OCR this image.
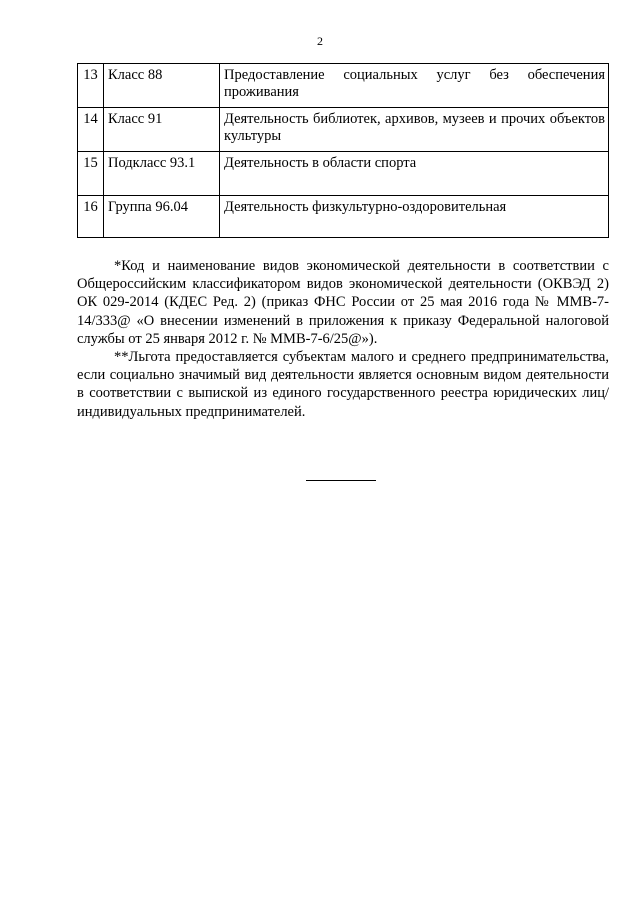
2
13	Класс 88	Предоставление социальных услуг без обеспечения проживания
14	Класс 91	Деятельность библиотек, архивов, музеев и прочих объектов культуры
15	Подкласс 93.1	Деятельность в области спорта
16	Группа 96.04	Деятельность физкультурно-оздоровительная

*Код и наименование видов экономической деятельности в соответствии с Общероссийским классификатором видов экономической деятельности (ОКВЭД 2) ОК 029-2014 (КДЕС Ред. 2) (приказ ФНС России от 25 мая 2016 года № ММВ-7-14/333@ «О внесении изменений в приложения к приказу Федеральной налоговой службы от 25 января 2012 г. № ММВ-7-6/25@»).

**Льгота предоставляется субъектам малого и среднего предпринимательства, если социально значимый вид деятельности является основным видом деятельности в соответствии с выпиской из единого государственного реестра юридических лиц/индивидуальных предпринимателей.
